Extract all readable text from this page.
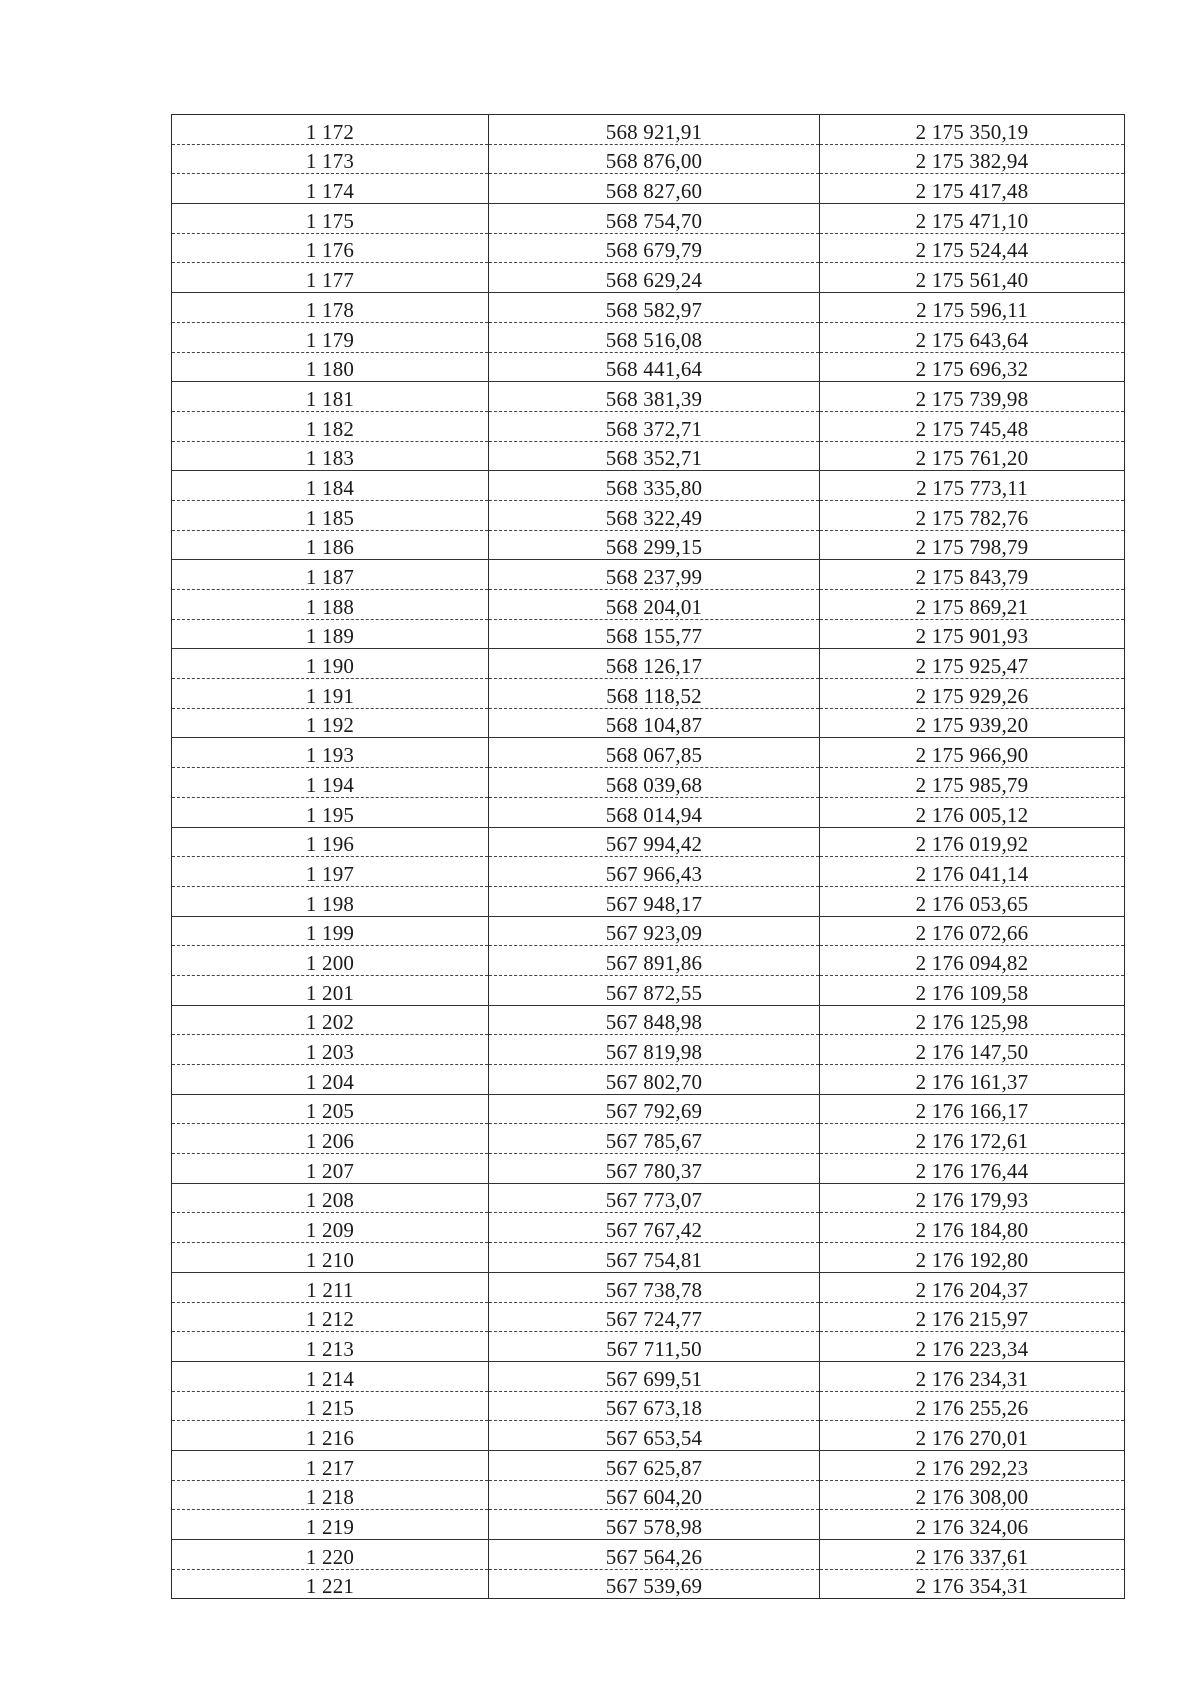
1 172	568 921,91	2 175 350,19
1 173	568 876,00	2 175 382,94
1 174	568 827,60	2 175 417,48
1 175	568 754,70	2 175 471,10
1 176	568 679,79	2 175 524,44
1 177	568 629,24	2 175 561,40
1 178	568 582,97	2 175 596,11
1 179	568 516,08	2 175 643,64
1 180	568 441,64	2 175 696,32
1 181	568 381,39	2 175 739,98
1 182	568 372,71	2 175 745,48
1 183	568 352,71	2 175 761,20
1 184	568 335,80	2 175 773,11
1 185	568 322,49	2 175 782,76
1 186	568 299,15	2 175 798,79
1 187	568 237,99	2 175 843,79
1 188	568 204,01	2 175 869,21
1 189	568 155,77	2 175 901,93
1 190	568 126,17	2 175 925,47
1 191	568 118,52	2 175 929,26
1 192	568 104,87	2 175 939,20
1 193	568 067,85	2 175 966,90
1 194	568 039,68	2 175 985,79
1 195	568 014,94	2 176 005,12
1 196	567 994,42	2 176 019,92
1 197	567 966,43	2 176 041,14
1 198	567 948,17	2 176 053,65
1 199	567 923,09	2 176 072,66
1 200	567 891,86	2 176 094,82
1 201	567 872,55	2 176 109,58
1 202	567 848,98	2 176 125,98
1 203	567 819,98	2 176 147,50
1 204	567 802,70	2 176 161,37
1 205	567 792,69	2 176 166,17
1 206	567 785,67	2 176 172,61
1 207	567 780,37	2 176 176,44
1 208	567 773,07	2 176 179,93
1 209	567 767,42	2 176 184,80
1 210	567 754,81	2 176 192,80
1 211	567 738,78	2 176 204,37
1 212	567 724,77	2 176 215,97
1 213	567 711,50	2 176 223,34
1 214	567 699,51	2 176 234,31
1 215	567 673,18	2 176 255,26
1 216	567 653,54	2 176 270,01
1 217	567 625,87	2 176 292,23
1 218	567 604,20	2 176 308,00
1 219	567 578,98	2 176 324,06
1 220	567 564,26	2 176 337,61
1 221	567 539,69	2 176 354,31
